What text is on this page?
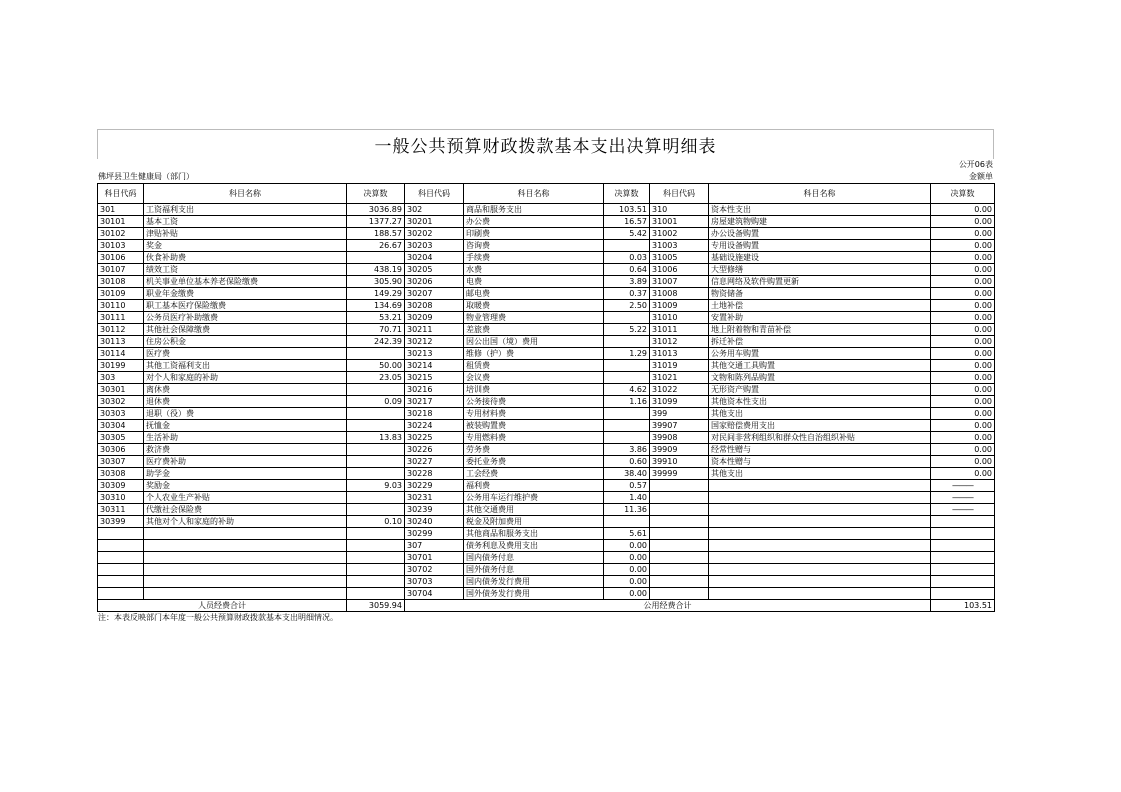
一般公共预算财政拨款基本支出决算明细表
公开06表
佛坪县卫生健康局（部门）	金额单
科目代码	科目名称	决算数	科目代码	科目名称	决算数	科目代码	科目名称	决算数
301	工资福利支出	3036.89	302	商品和服务支出	103.51	310	资本性支出	0.00
30101	基本工资	1377.27	30201	办公费	16.57	31001	房屋建筑物购建	0.00
30102	津贴补贴	188.57	30202	印刷费	5.42	31002	办公设备购置	0.00
30103	奖金	26.67	30203	咨询费		31003	专用设备购置	0.00
30106	伙食补助费		30204	手续费	0.03	31005	基础设施建设	0.00
30107	绩效工资	438.19	30205	水费	0.64	31006	大型修缮	0.00
30108	机关事业单位基本养老保险缴费	305.90	30206	电费	3.89	31007	信息网络及软件购置更新	0.00
30109	职业年金缴费	149.29	30207	邮电费	0.37	31008	物资储备	0.00
30110	职工基本医疗保险缴费	134.69	30208	取暖费	2.50	31009	土地补偿	0.00
30111	公务员医疗补助缴费	53.21	30209	物业管理费		31010	安置补助	0.00
30112	其他社会保障缴费	70.71	30211	差旅费	5.22	31011	地上附着物和青苗补偿	0.00
30113	住房公积金	242.39	30212	因公出国（境）费用		31012	拆迁补偿	0.00
30114	医疗费		30213	维修（护）费	1.29	31013	公务用车购置	0.00
30199	其他工资福利支出	50.00	30214	租赁费		31019	其他交通工具购置	0.00
303	对个人和家庭的补助	23.05	30215	会议费		31021	文物和陈列品购置	0.00
30301	离休费		30216	培训费	4.62	31022	无形资产购置	0.00
30302	退休费	0.09	30217	公务接待费	1.16	31099	其他资本性支出	0.00
30303	退职（役）费		30218	专用材料费		399	其他支出	0.00
30304	抚恤金		30224	被装购置费		39907	国家赔偿费用支出	0.00
30305	生活补助	13.83	30225	专用燃料费		39908	对民间非营利组织和群众性自治组织补贴	0.00
30306	救济费		30226	劳务费	3.86	39909	经常性赠与	0.00
30307	医疗费补助		30227	委托业务费	0.60	39910	资本性赠与	0.00
30308	助学金		30228	工会经费	38.40	39999	其他支出	0.00
30309	奖励金	9.03	30229	福利费	0.57			———
30310	个人农业生产补贴		30231	公务用车运行维护费	1.40			———
30311	代缴社会保险费		30239	其他交通费用	11.36			———
30399	其他对个人和家庭的补助	0.10	30240	税金及附加费用				
			30299	其他商品和服务支出	5.61			
			307	债务利息及费用支出	0.00			
			30701	国内债务付息	0.00			
			30702	国外债务付息	0.00			
			30703	国内债务发行费用	0.00			
			30704	国外债务发行费用	0.00			
人员经费合计		3059.94	公用经费合计					103.51
注：本表反映部门本年度一般公共预算财政拨款基本支出明细情况。
